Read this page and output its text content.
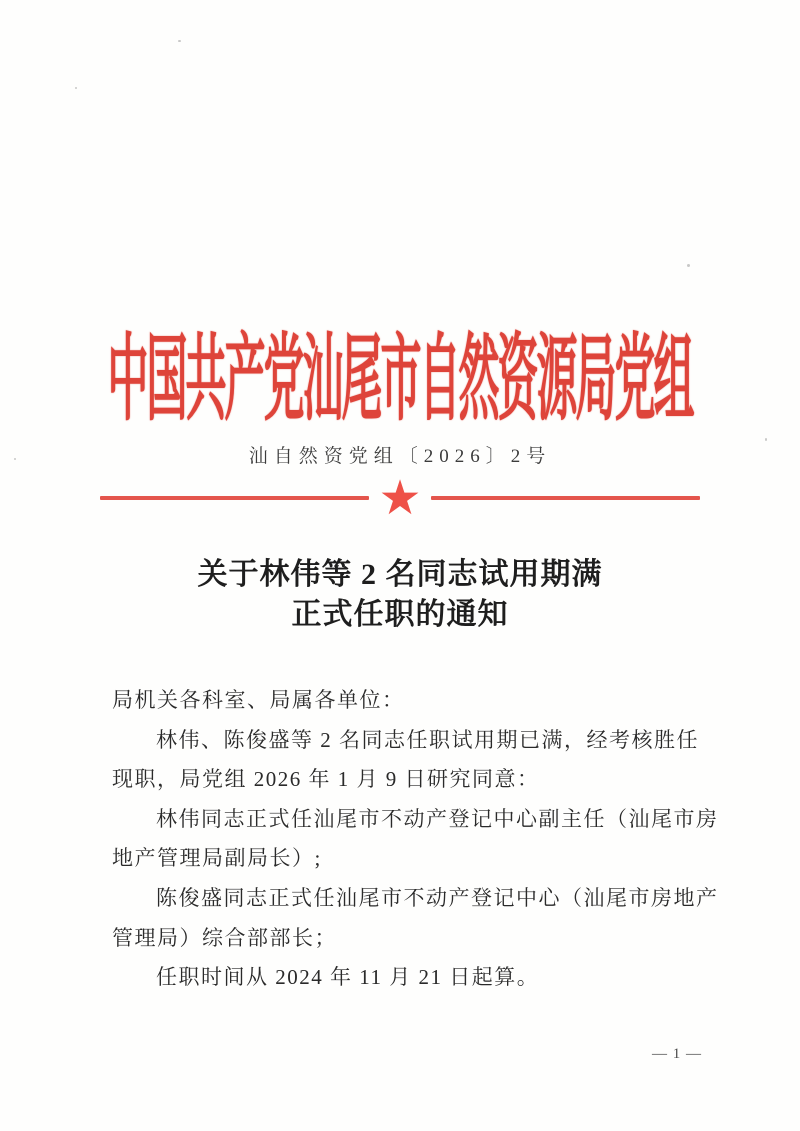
中国共产党汕尾市自然资源局党组
汕自然资党组〔2026〕2号
★
关于林伟等 2 名同志试用期满
正式任职的通知
局机关各科室、局属各单位：
林伟、陈俊盛等 2 名同志任职试用期已满，经考核胜任
现职，局党组 2026 年 1 月 9 日研究同意：
林伟同志正式任汕尾市不动产登记中心副主任（汕尾市房
地产管理局副局长）;
陈俊盛同志正式任汕尾市不动产登记中心（汕尾市房地产
管理局）综合部部长；
任职时间从 2024 年 11 月 21 日起算。
— 1 —
